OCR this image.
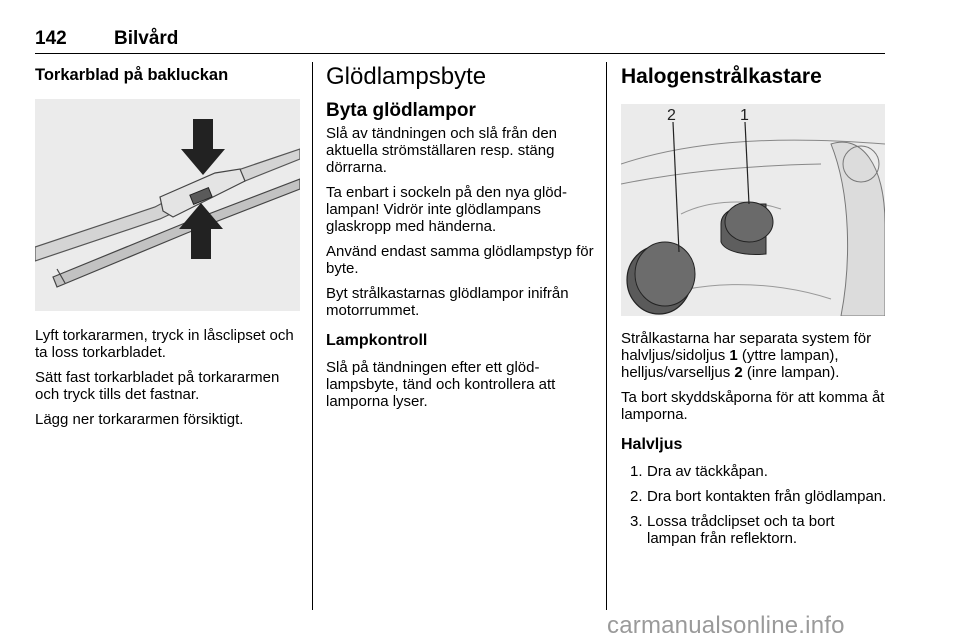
142 Bilvård
Torkarblad på bakluckan

Lyft torkararmen, tryck in låsclipset och ta loss torkarbladet.

Sätt fast torkarbladet på torkararmen och tryck tills det fastnar.

Lägg ner torkararmen försiktigt.

Glödlampsbyte
Byta glödlampor

Slå av tändningen och slå från den aktuella strömställaren resp. stäng dörrarna.

Ta enbart i sockeln på den nya glödlampan! Vidrör inte glödlampans glaskropp med händerna.

Använd endast samma glödlampstyp för byte.

Byt strålkastarnas glödlampor inifrån motorrummet.

Lampkontroll

Slå på tändningen efter ett glödlampsbyte, tänd och kontrollera att lamporna lyser.

Halogenstrålkastare
2	1

Strålkastarna har separata system för halvljus/sidoljus 1 (yttre lampan), helljus/varselljus 2 (inre lampan).

Ta bort skyddskåporna för att komma åt lamporna.

Halvljus
1. Dra av täckkåpan.
2. Dra bort kontakten från glödlampan.
3. Lossa trådclipset och ta bort lampan från reflektorn.
carmanualsonline.info
